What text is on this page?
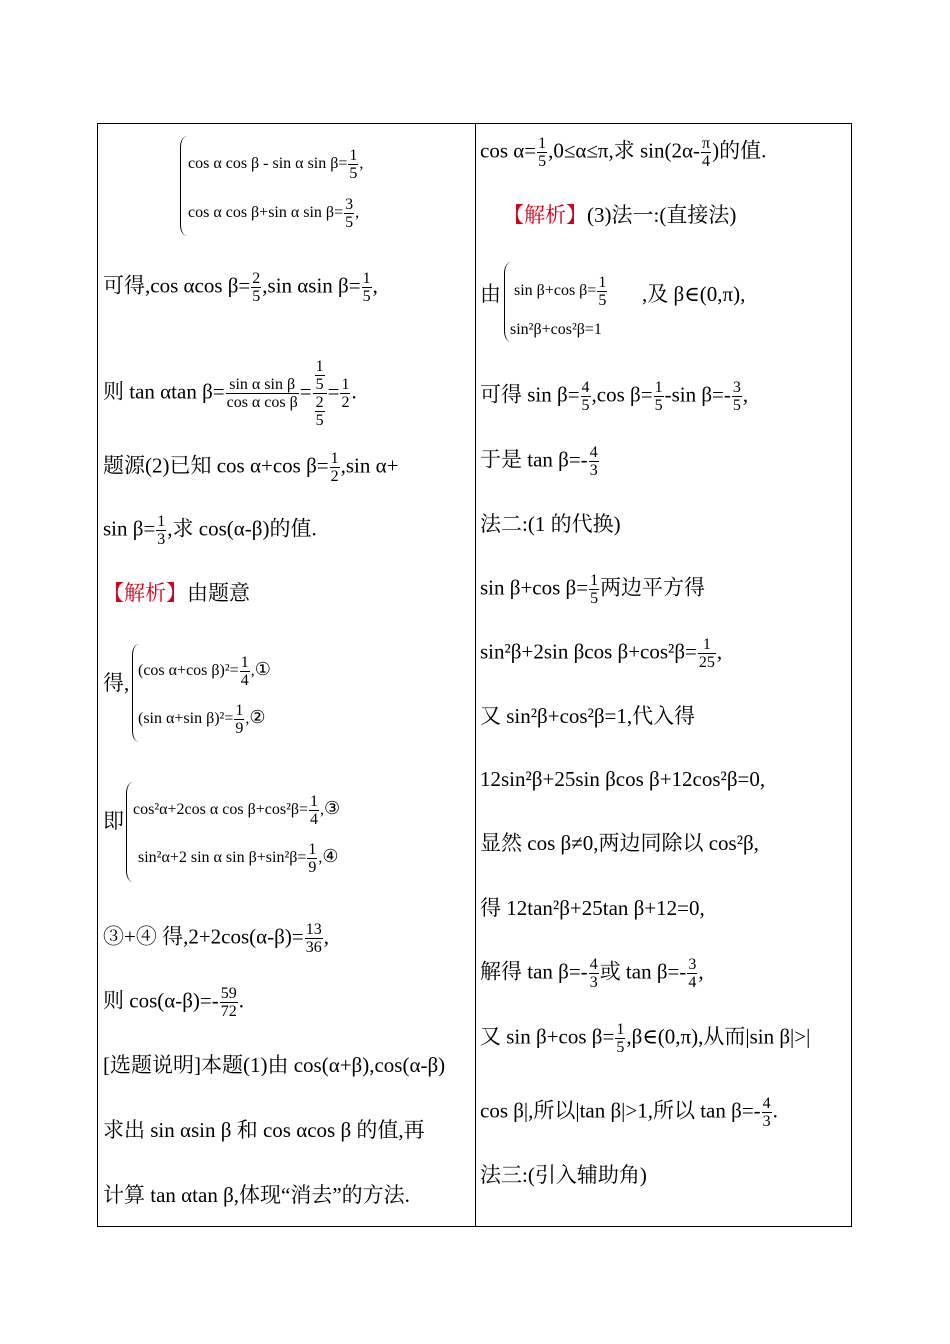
cos α cos β - sin α $\sin \beta= \frac{1}{5}$ ,
cos α cos β+sin α $\sin \beta= \frac{3}{5}$ ,
可得,cos αcos $\beta= \frac{2}{5} ,\sin$ αsin $\beta= \frac{1}{5}$ ,
则 tan αtan $\beta= \frac{\text{sin α sin β}}{\text{cos α cos β}} = \frac{\frac{1}{5}}{\frac{2}{5}} = \frac{1}{2}$ .
题源(2)已知 cos α+cos $\beta= \frac{1}{2} ,\sin$ α+
$\sin \beta= \frac{1}{3}$ ,求 cos(α-β)的值.
【解析】由题意
得,
(cos α+cos $\beta)^2= \frac{1}{4}$ ,①
(sin α+sin $\beta)^2= \frac{1}{9}$ ,②
即 cos²α+2cos α $\cos \beta+\cos^2\beta= \frac{1}{4}$ ,③
sin²α+2 sin α $\sin \beta+\sin^2\beta= \frac{1}{9}$ ,④
③+④ 得$,2+2\cos(\alpha-\beta)= \frac{13}{36}$ ,
则 $\cos(\alpha-\beta)=- \frac{59}{72}$ .
[选题说明]本题(1)由 cos(α+β),cos(α-β)
求出 sin αsin β 和 cos αcos β 的值,再
计算 tan αtan β,体现“消去”的方法.
$\cos \alpha= \frac{1}{5} ,0\le\alpha\le\pi$,求 $\sin(2\alpha- \frac{\pi}{4}$ )的值.
【解析】(3)法一:(直接法)
由 sin β+cos $\beta= \frac{1}{5}$ ,及 β∈(0,π),
sin²β+cos²β=1
可得 $\sin \beta= \frac{4}{5} ,\cos$ $\beta= \frac{1}{5} -\sin$ $\beta=- \frac{3}{5}$ ,
于是 $\tan \beta=- \frac{4}{3}$
法二:(1 的代换)
sin β+cos $\beta= \frac{1}{5}$ 两边平方得
sin²β+2sin βcos $\beta+\cos^2\beta= \frac{1}{25}$ ,
又 sin²β+cos²β=1,代入得
12sin²β+25sin βcos β+12cos²β=0,
显然 cos β≠0,两边同除以 cos²β,
得 12tan²β+25tan β+12=0,
解得 $\tan \beta=- \frac{4}{3}$ 或 $\tan \beta=- \frac{3}{4}$ ,
又 sin β+cos $\beta= \frac{1}{5}$ ,β∈(0,π),从而|sin β|>|
cos β|,所以|tan β|>1,所以 $\tan \beta=- \frac{4}{3}$ .
法三:(引入辅助角)
